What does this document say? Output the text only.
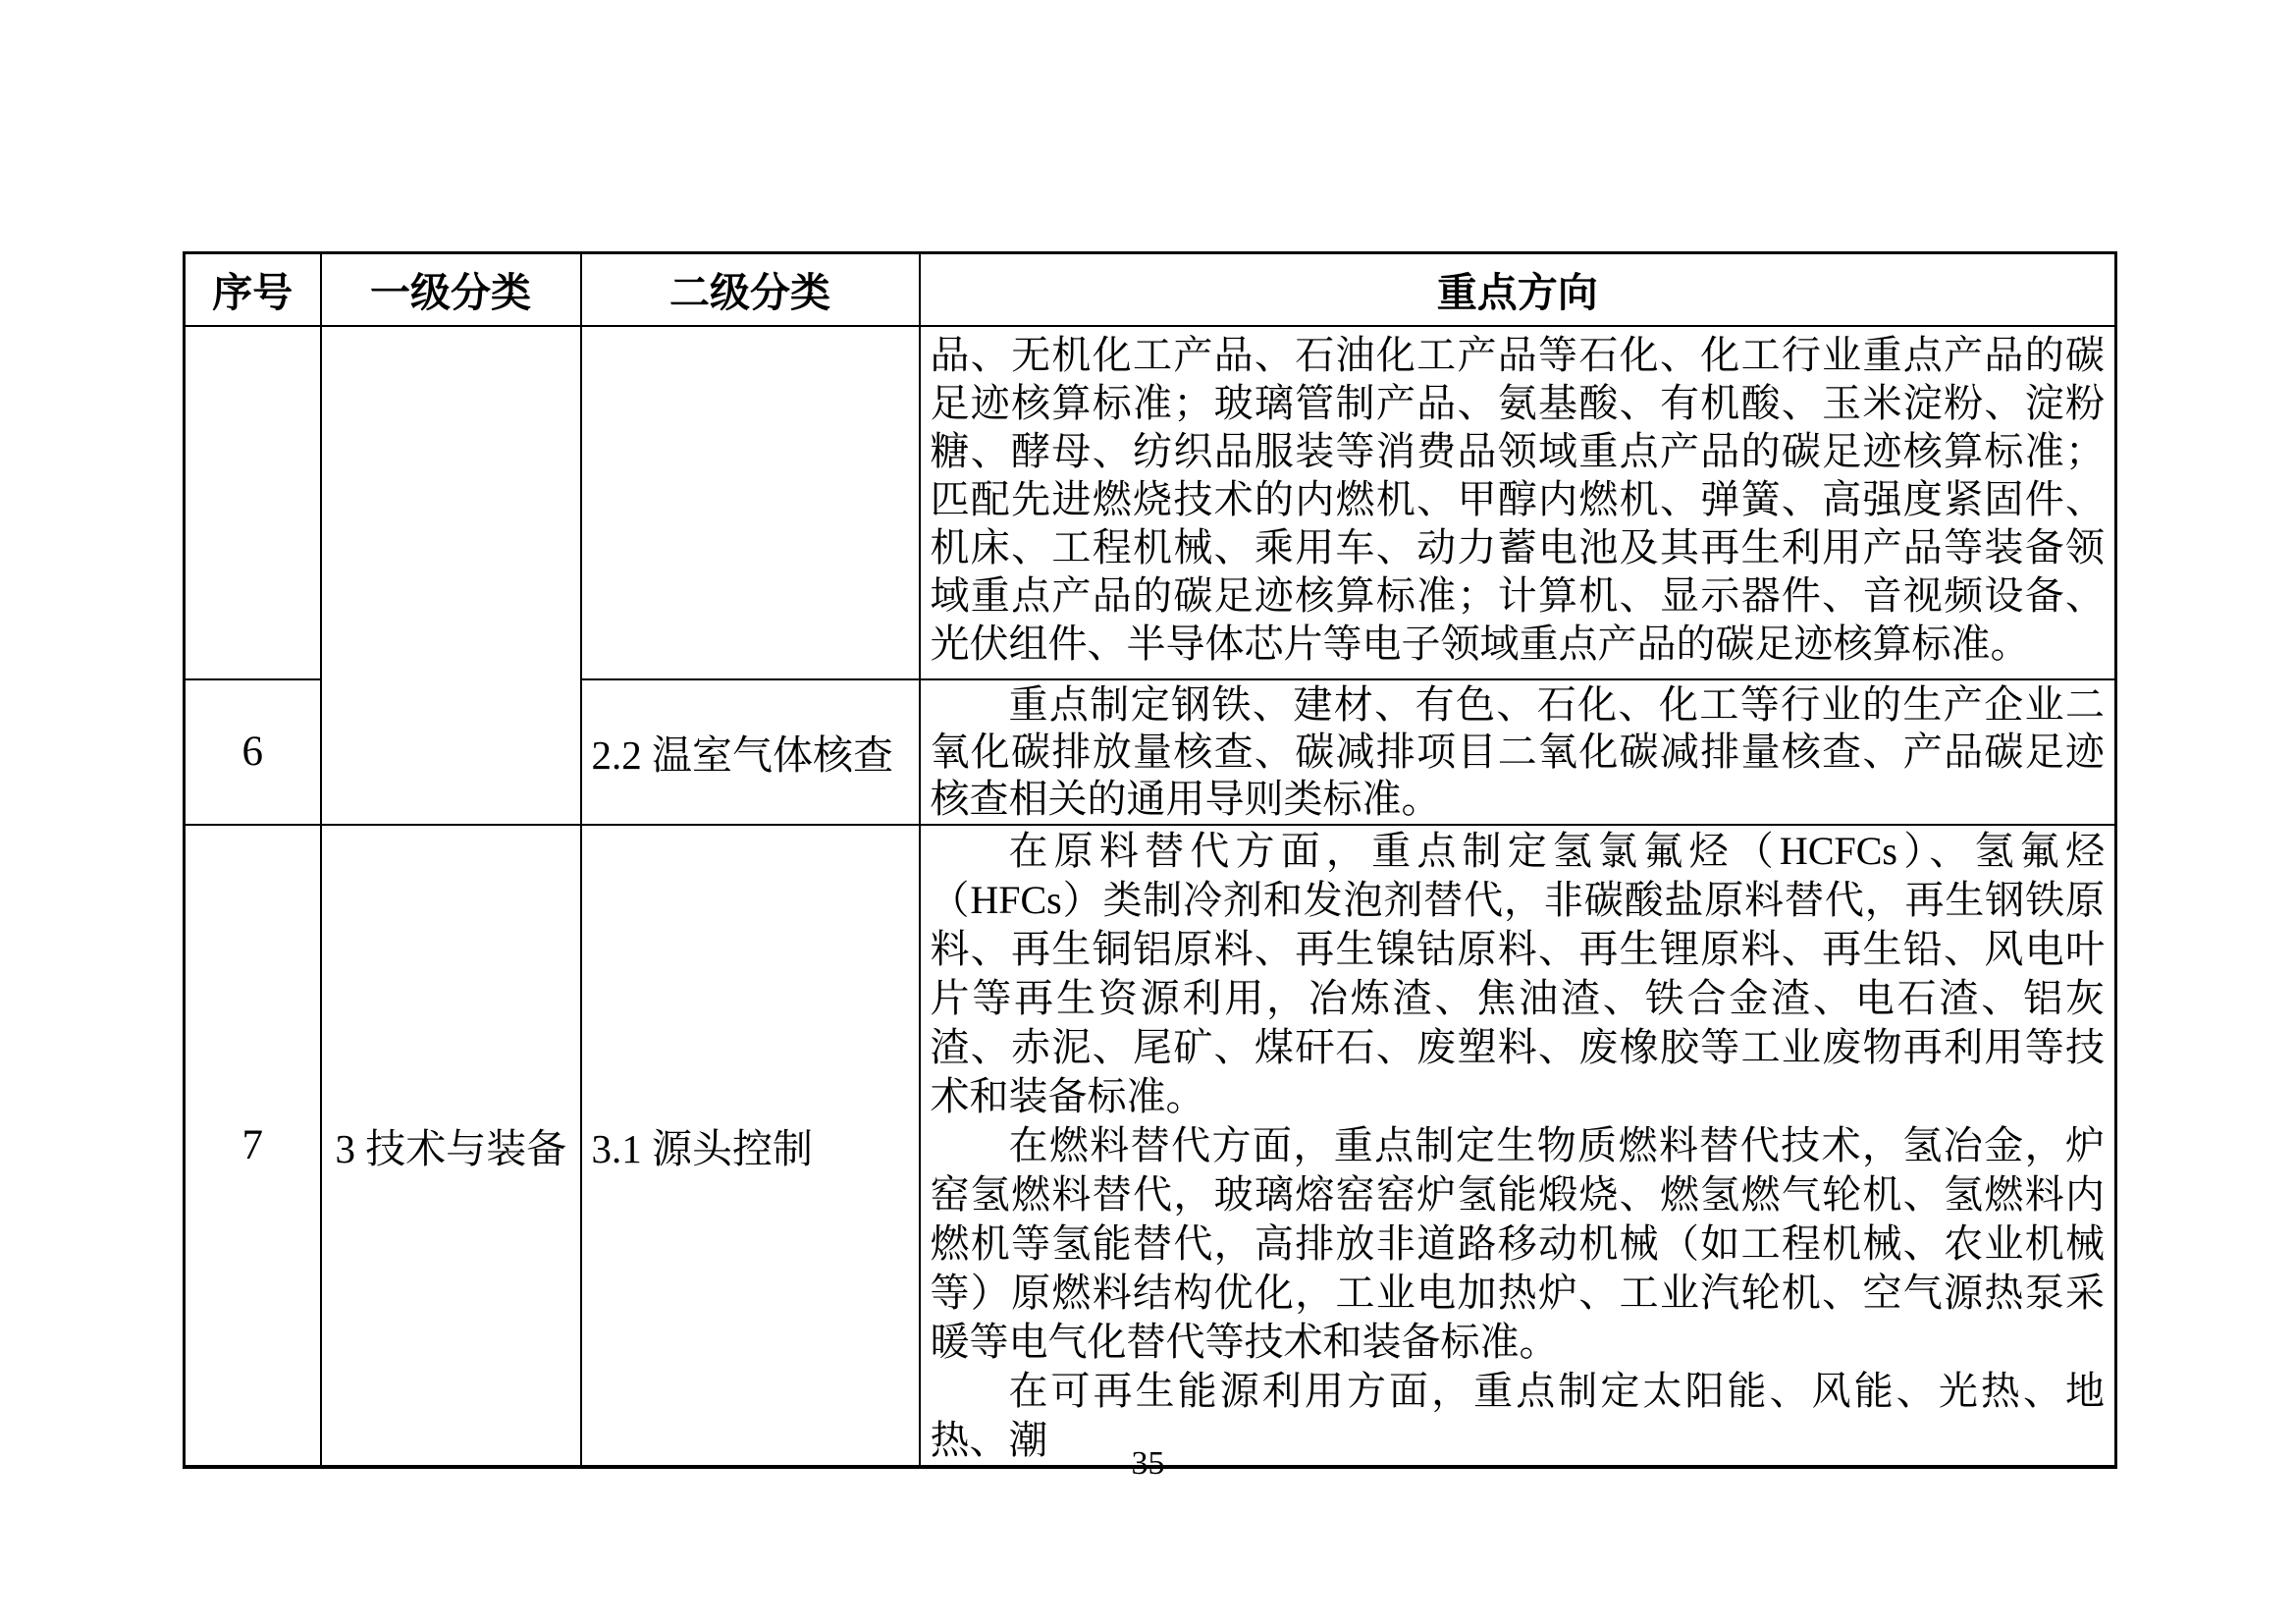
序号	一级分类	二级分类	重点方向

			品、无机化工产品、石油化工产品等石化、化工行业重点产品的碳足迹核算标准；玻璃管制产品、氨基酸、有机酸、玉米淀粉、淀粉糖、酵母、纺织品服装等消费品领域重点产品的碳足迹核算标准；匹配先进燃烧技术的内燃机、甲醇内燃机、弹簧、高强度紧固件、机床、工程机械、乘用车、动力蓄电池及其再生利用产品等装备领域重点产品的碳足迹核算标准；计算机、显示器件、音视频设备、光伏组件、半导体芯片等电子领域重点产品的碳足迹核算标准。

6		2.2 温室气体核查	重点制定钢铁、建材、有色、石化、化工等行业的生产企业二氧化碳排放量核查、碳减排项目二氧化碳减排量核查、产品碳足迹核查相关的通用导则类标准。

7	3 技术与装备	3.1 源头控制	在原料替代方面，重点制定氢氯氟烃（HCFCs）、氢氟烃（HFCs）类制冷剂和发泡剂替代，非碳酸盐原料替代，再生钢铁原料、再生铜铝原料、再生镍钴原料、再生锂原料、再生铅、风电叶片等再生资源利用，冶炼渣、焦油渣、铁合金渣、电石渣、铝灰渣、赤泥、尾矿、煤矸石、废塑料、废橡胶等工业废物再利用等技术和装备标准。

在燃料替代方面，重点制定生物质燃料替代技术，氢冶金，炉窑氢燃料替代，玻璃熔窑窑炉氢能煅烧、燃氢燃气轮机、氢燃料内燃机等氢能替代，高排放非道路移动机械（如工程机械、农业机械等）原燃料结构优化，工业电加热炉、工业汽轮机、空气源热泵采暖等电气化替代等技术和装备标准。

在可再生能源利用方面，重点制定太阳能、风能、光热、地热、潮

35
